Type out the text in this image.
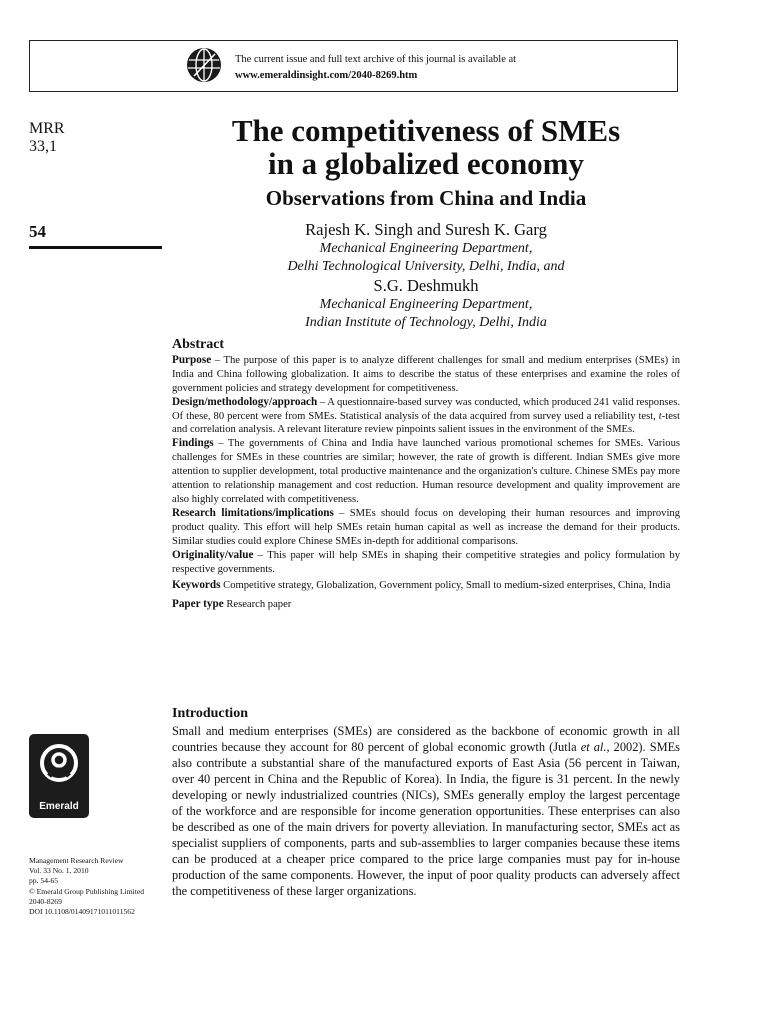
The current issue and full text archive of this journal is available at
www.emeraldinsight.com/2040-8269.htm
MRR
33,1
54
The competitiveness of SMEs
in a globalized economy
Observations from China and India
Rajesh K. Singh and Suresh K. Garg
Mechanical Engineering Department,
Delhi Technological University, Delhi, India, and
S.G. Deshmukh
Mechanical Engineering Department,
Indian Institute of Technology, Delhi, India
Abstract

Purpose – The purpose of this paper is to analyze different challenges for small and medium enterprises (SMEs) in India and China following globalization. It aims to describe the status of these enterprises and examine the roles of government policies and strategy development for competitiveness.

Design/methodology/approach – A questionnaire-based survey was conducted, which produced 241 valid responses. Of these, 80 percent were from SMEs. Statistical analysis of the data acquired from survey used a reliability test, t-test and correlation analysis. A relevant literature review pinpoints salient issues in the environment of the SMEs.

Findings – The governments of China and India have launched various promotional schemes for SMEs. Various challenges for SMEs in these countries are similar; however, the rate of growth is different. Indian SMEs give more attention to supplier development, total productive maintenance and the organization's culture. Chinese SMEs pay more attention to relationship management and cost reduction. Human resource development and quality improvement are also highly correlated with competitiveness.

Research limitations/implications – SMEs should focus on developing their human resources and improving product quality. This effort will help SMEs retain human capital as well as increase the demand for their products. Similar studies could explore Chinese SMEs in-depth for additional comparisons.

Originality/value – This paper will help SMEs in shaping their competitive strategies and policy formulation by respective governments.

Keywords Competitive strategy, Globalization, Government policy, Small to medium-sized enterprises, China, India

Paper type Research paper

Introduction

Small and medium enterprises (SMEs) are considered as the backbone of economic growth in all countries because they account for 80 percent of global economic growth (Jutla et al., 2002). SMEs also contribute a substantial share of the manufactured exports of East Asia (56 percent in Taiwan, over 40 percent in China and the Republic of Korea). In India, the figure is 31 percent. In the newly developing or newly industrialized countries (NICs), SMEs generally employ the largest percentage of the workforce and are responsible for income generation opportunities. These enterprises can also be described as one of the main drivers for poverty alleviation. In manufacturing sector, SMEs act as specialist suppliers of components, parts and sub-assemblies to larger companies because these items can be produced at a cheaper price compared to the price large companies must pay for in-house production of the same components. However, the input of poor quality products can adversely affect the competitiveness of these larger organizations.

Emerald
Management Research Review
Vol. 33 No. 1, 2010
pp. 54-65
© Emerald Group Publishing Limited
2040-8269
DOI 10.1108/01409171011011562
